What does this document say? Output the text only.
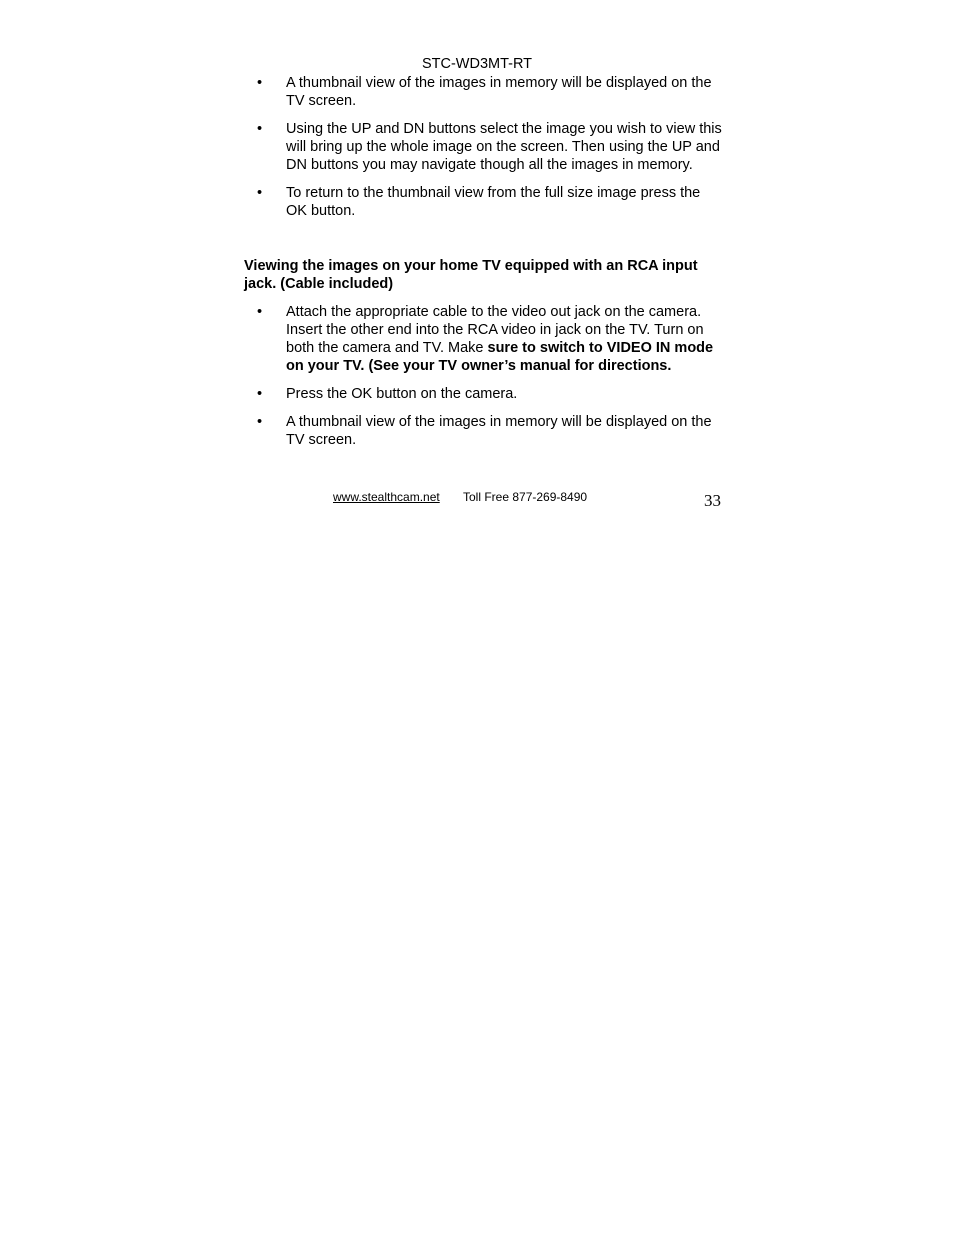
STC-WD3MT-RT
• A thumbnail view of the images in memory will be displayed on the TV screen.
• Using the UP and DN buttons select the image you wish to view this will bring up the whole image on the screen. Then using the UP and DN buttons you may navigate though all the images in memory.
• To return to the thumbnail view from the full size image press the OK button.
Viewing the images on your home TV equipped with an RCA input jack. (Cable included)
• Attach the appropriate cable to the video out jack on the camera. Insert the other end into the RCA video in jack on the TV. Turn on both the camera and TV. Make sure to switch to VIDEO IN mode on your TV. (See your TV owner’s manual for directions.
• Press the OK button on the camera.
• A thumbnail view of the images in memory will be displayed on the TV screen.
www.stealthcam.net Toll Free 877-269-8490	33
